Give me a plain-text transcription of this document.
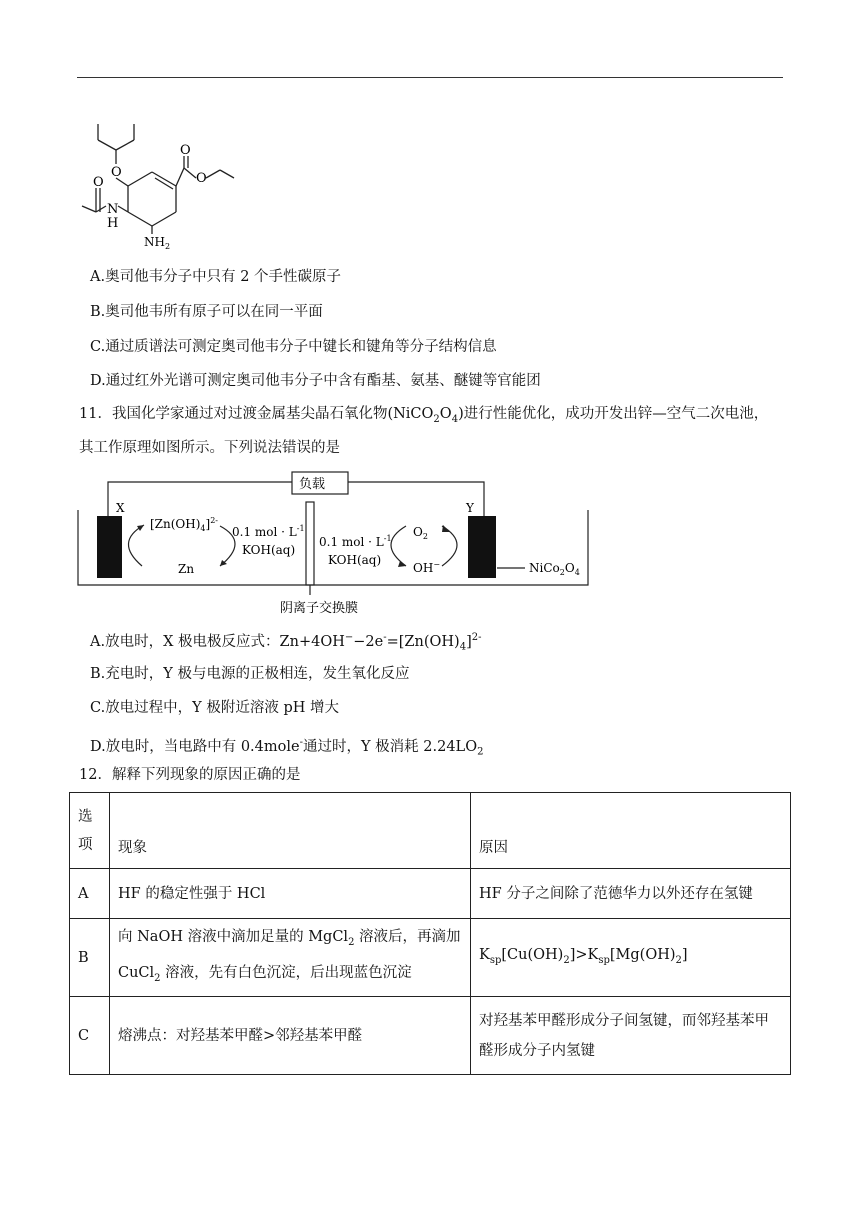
O
O
O
O
N
H
$NH_2$
A.奥司他韦分子中只有 2 个手性碳原子
B.奥司他韦所有原子可以在同一平面
C.通过质谱法可测定奥司他韦分子中键长和键角等分子结构信息
D.通过红外光谱可测定奥司他韦分子中含有酯基、氨基、醚键等官能团
11．我国化学家通过对过渡金属基尖晶石氧化物$(NiCO_2O_4)$进行性能优化，成功开发出锌—空气二次电池，
其工作原理如图所示。下列说法错误的是
负载
X	Y
$[Zn(OH)_4]^{2-}$
Zn
0.1 mol · $L^{-1}$
KOH(aq)
0.1 mol · $L^{-1}$
KOH(aq)
$O_2$
OH−	$NiCo_2O_4$
阴离子交换膜
A.放电时，X 极电极反应式：$Zn+4OH^--2e^-=[Zn(OH)_4]^{2-}$
B.充电时，Y 极与电源的正极相连，发生氧化反应
C.放电过程中，Y 极附近溶液 pH 增大
D.放电时，当电路中有 0.4mole-通过时，Y 极消耗 $2.24LO_2$
12．解释下列现象的原因正确的是
选
项	现象	原因
A	HF 的稳定性强于 HCl	HF 分子之间除了范德华力以外还存在氢键
B	向 NaOH 溶液中滴加足量的 MgCl$_2$ 溶液后，再滴加
CuCl$_2$ 溶液，先有白色沉淀，后出现蓝色沉淀	$K_{sp}[Cu(OH)_2]>K_{sp}[Mg(OH)_2]$
C	熔沸点：对羟基苯甲醛>邻羟基苯甲醛	对羟基苯甲醛形成分子间氢键，而邻羟基苯甲
醛形成分子内氢键
